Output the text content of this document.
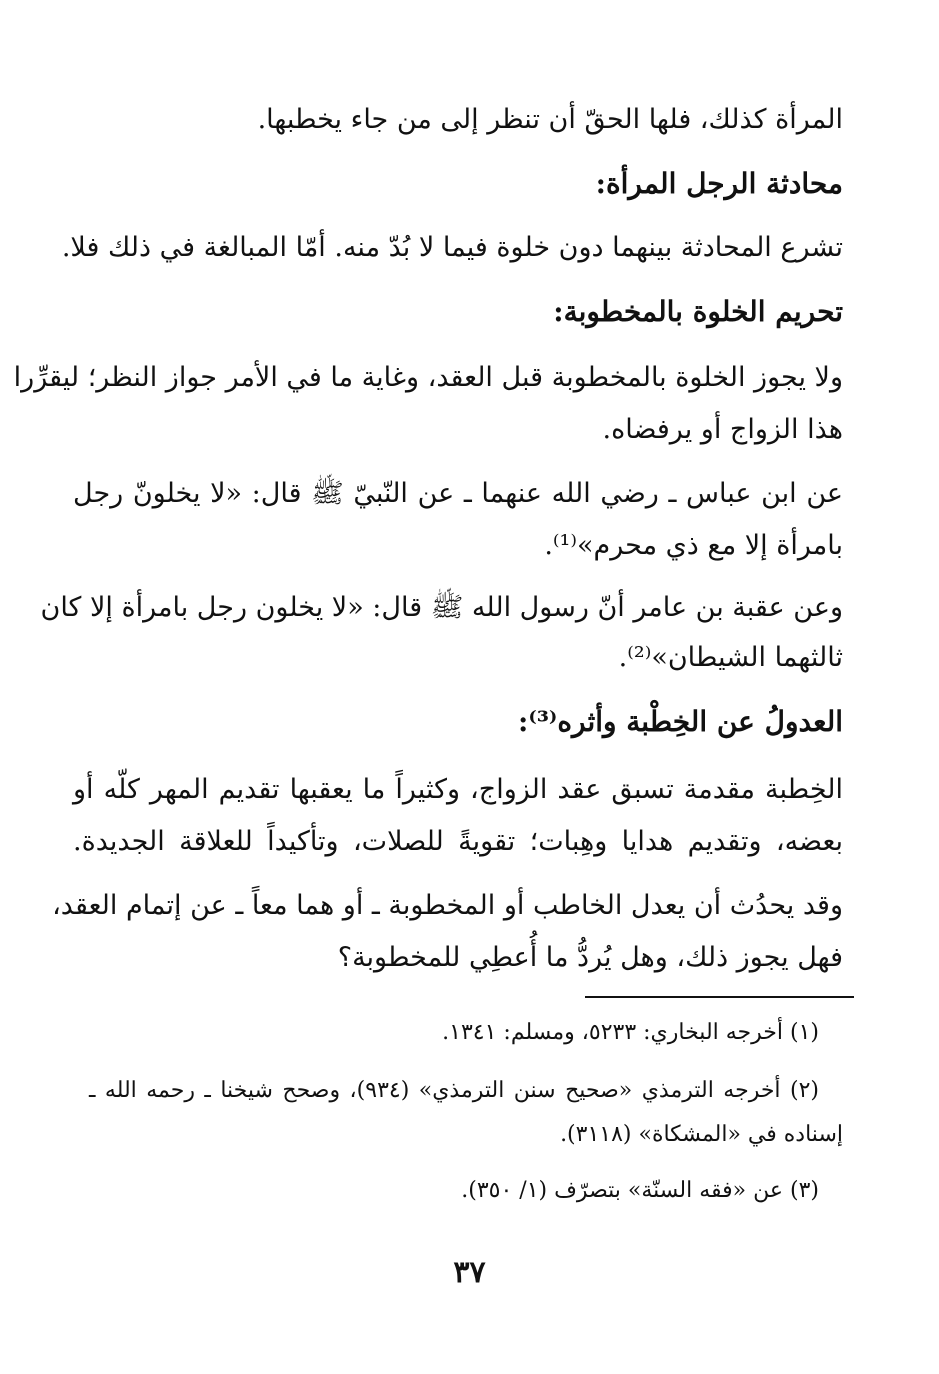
المرأة كذلك، فلها الحقّ أن تنظر إلى من جاء يخطبها.
محادثة الرجل المرأة:
تشرع المحادثة بينهما دون خلوة فيما لا بُدّ منه. أمّا المبالغة في ذلك فلا.
تحريم الخلوة بالمخطوبة:
ولا يجوز الخلوة بالمخطوبة قبل العقد، وغاية ما في الأمر جواز النظر؛ ليقرِّرا
هذا الزواج أو يرفضاه.
عن ابن عباس ـ رضي الله عنهما ـ عن النّبيّ ﷺ قال: «لا يخلونّ رجل
بامرأة إلا مع ذي محرم»⁽¹⁾.
وعن عقبة بن عامر أنّ رسول الله ﷺ قال: «لا يخلون رجل بامرأة إلا كان
ثالثهما الشيطان»⁽²⁾.
العدولُ عن الخِطْبة وأثره⁽³⁾:
الخِطبة مقدمة تسبق عقد الزواج، وكثيراً ما يعقبها تقديم المهر كلّه أو
بعضه، وتقديم هدايا وهِبات؛ تقويةً للصلات، وتأكيداً للعلاقة الجديدة.
وقد يحدُث أن يعدل الخاطب أو المخطوبة ـ أو هما معاً ـ عن إتمام العقد،
فهل يجوز ذلك، وهل يُردُّ ما أُعطِي للمخطوبة؟
(١) أخرجه البخاري: ٥٢٣٣، ومسلم: ١٣٤١.
(٢) أخرجه الترمذي «صحيح سنن الترمذي» (٩٣٤)، وصحح شيخنا ـ رحمه الله ـ
إسناده في «المشكاة» (٣١١٨).
(٣) عن «فقه السنّة» بتصرّف (١/ ٣٥٠).
٣٧
